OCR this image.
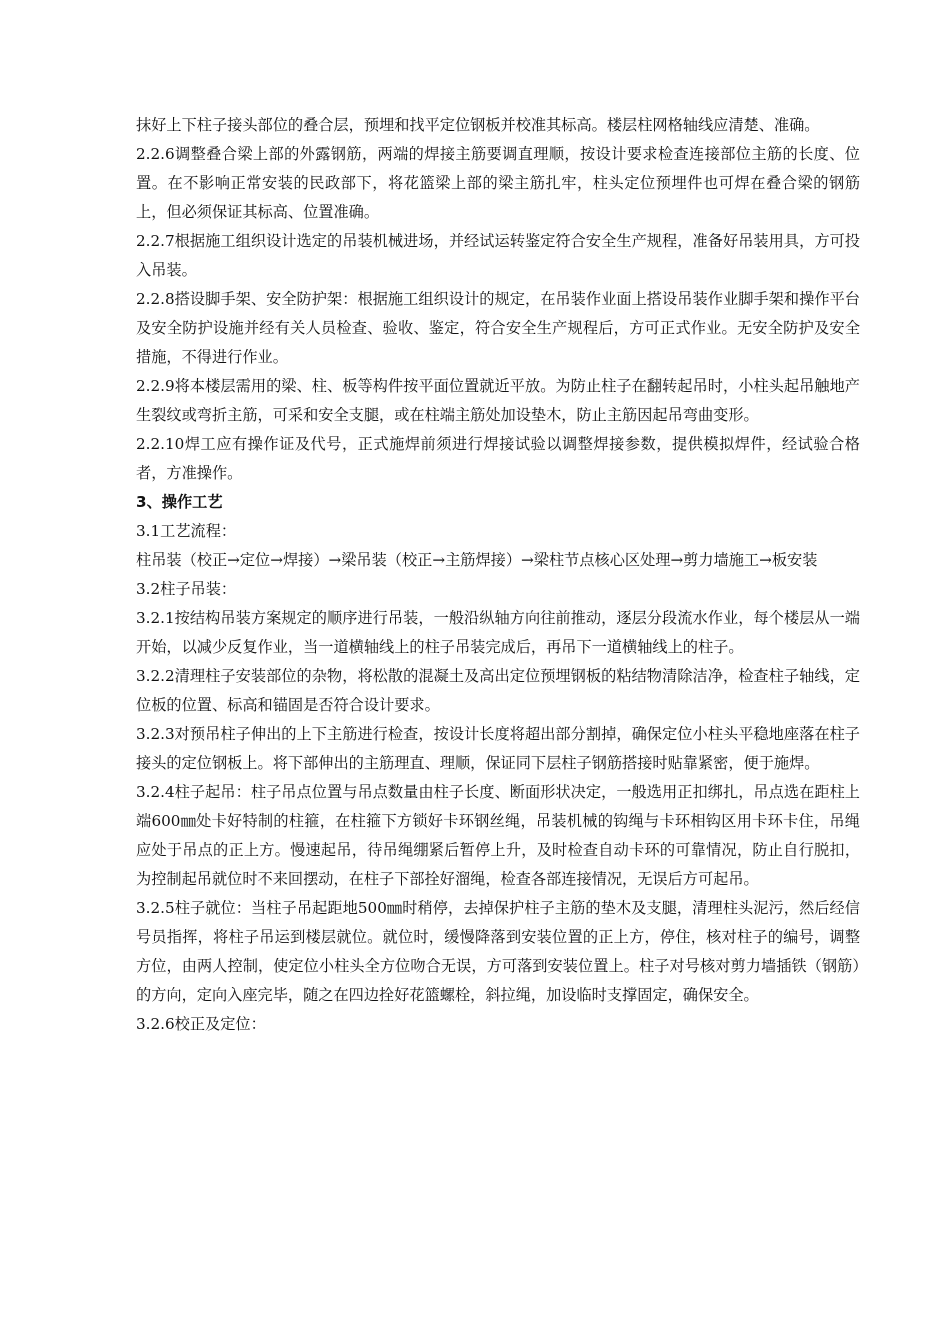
抹好上下柱子接头部位的叠合层，预埋和找平定位钢板并校准其标高。楼层柱网格轴线应清楚、准确。

2.2.6调整叠合梁上部的外露钢筋，两端的焊接主筋要调直理顺，按设计要求检查连接部位主筋的长度、位置。在不影响正常安装的民政部下，将花篮梁上部的梁主筋扎牢，柱头定位预埋件也可焊在叠合梁的钢筋上，但必须保证其标高、位置准确。

2.2.7根据施工组织设计选定的吊装机械进场，并经试运转鉴定符合安全生产规程，准备好吊装用具，方可投入吊装。

2.2.8搭设脚手架、安全防护架：根据施工组织设计的规定，在吊装作业面上搭设吊装作业脚手架和操作平台及安全防护设施并经有关人员检查、验收、鉴定，符合安全生产规程后，方可正式作业。无安全防护及安全措施，不得进行作业。

2.2.9将本楼层需用的梁、柱、板等构件按平面位置就近平放。为防止柱子在翻转起吊时，小柱头起吊触地产生裂纹或弯折主筋，可采和安全支腿，或在柱端主筋处加设垫木，防止主筋因起吊弯曲变形。

2.2.10焊工应有操作证及代号，正式施焊前须进行焊接试验以调整焊接参数，提供模拟焊件，经试验合格者，方准操作。

3、操作工艺

3.1工艺流程：

柱吊装（校正→定位→焊接）→梁吊装（校正→主筋焊接）→梁柱节点核心区处理→剪力墙施工→板安装

3.2柱子吊装：

3.2.1按结构吊装方案规定的顺序进行吊装，一般沿纵轴方向往前推动，逐层分段流水作业，每个楼层从一端开始，以减少反复作业，当一道横轴线上的柱子吊装完成后，再吊下一道横轴线上的柱子。

3.2.2清理柱子安装部位的杂物，将松散的混凝土及高出定位预埋钢板的粘结物清除洁净，检查柱子轴线，定位板的位置、标高和锚固是否符合设计要求。

3.2.3对预吊柱子伸出的上下主筋进行检查，按设计长度将超出部分割掉，确保定位小柱头平稳地座落在柱子接头的定位钢板上。将下部伸出的主筋理直、理顺，保证同下层柱子钢筋搭接时贴靠紧密，便于施焊。

3.2.4柱子起吊：柱子吊点位置与吊点数量由柱子长度、断面形状决定，一般选用正扣绑扎，吊点选在距柱上端600㎜处卡好特制的柱箍，在柱箍下方锁好卡环钢丝绳，吊装机械的钩绳与卡环相钩区用卡环卡住，吊绳应处于吊点的正上方。慢速起吊，待吊绳绷紧后暂停上升，及时检查自动卡环的可靠情况，防止自行脱扣，为控制起吊就位时不来回摆动，在柱子下部拴好溜绳，检查各部连接情况，无误后方可起吊。

3.2.5柱子就位：当柱子吊起距地500㎜时稍停，去掉保护柱子主筋的垫木及支腿，清理柱头泥污，然后经信号员指挥，将柱子吊运到楼层就位。就位时，缓慢降落到安装位置的正上方，停住，核对柱子的编号，调整方位，由两人控制，使定位小柱头全方位吻合无误，方可落到安装位置上。柱子对号核对剪力墙插铁（钢筋）的方向，定向入座完毕，随之在四边拴好花篮螺栓，斜拉绳，加设临时支撑固定，确保安全。

3.2.6校正及定位：
